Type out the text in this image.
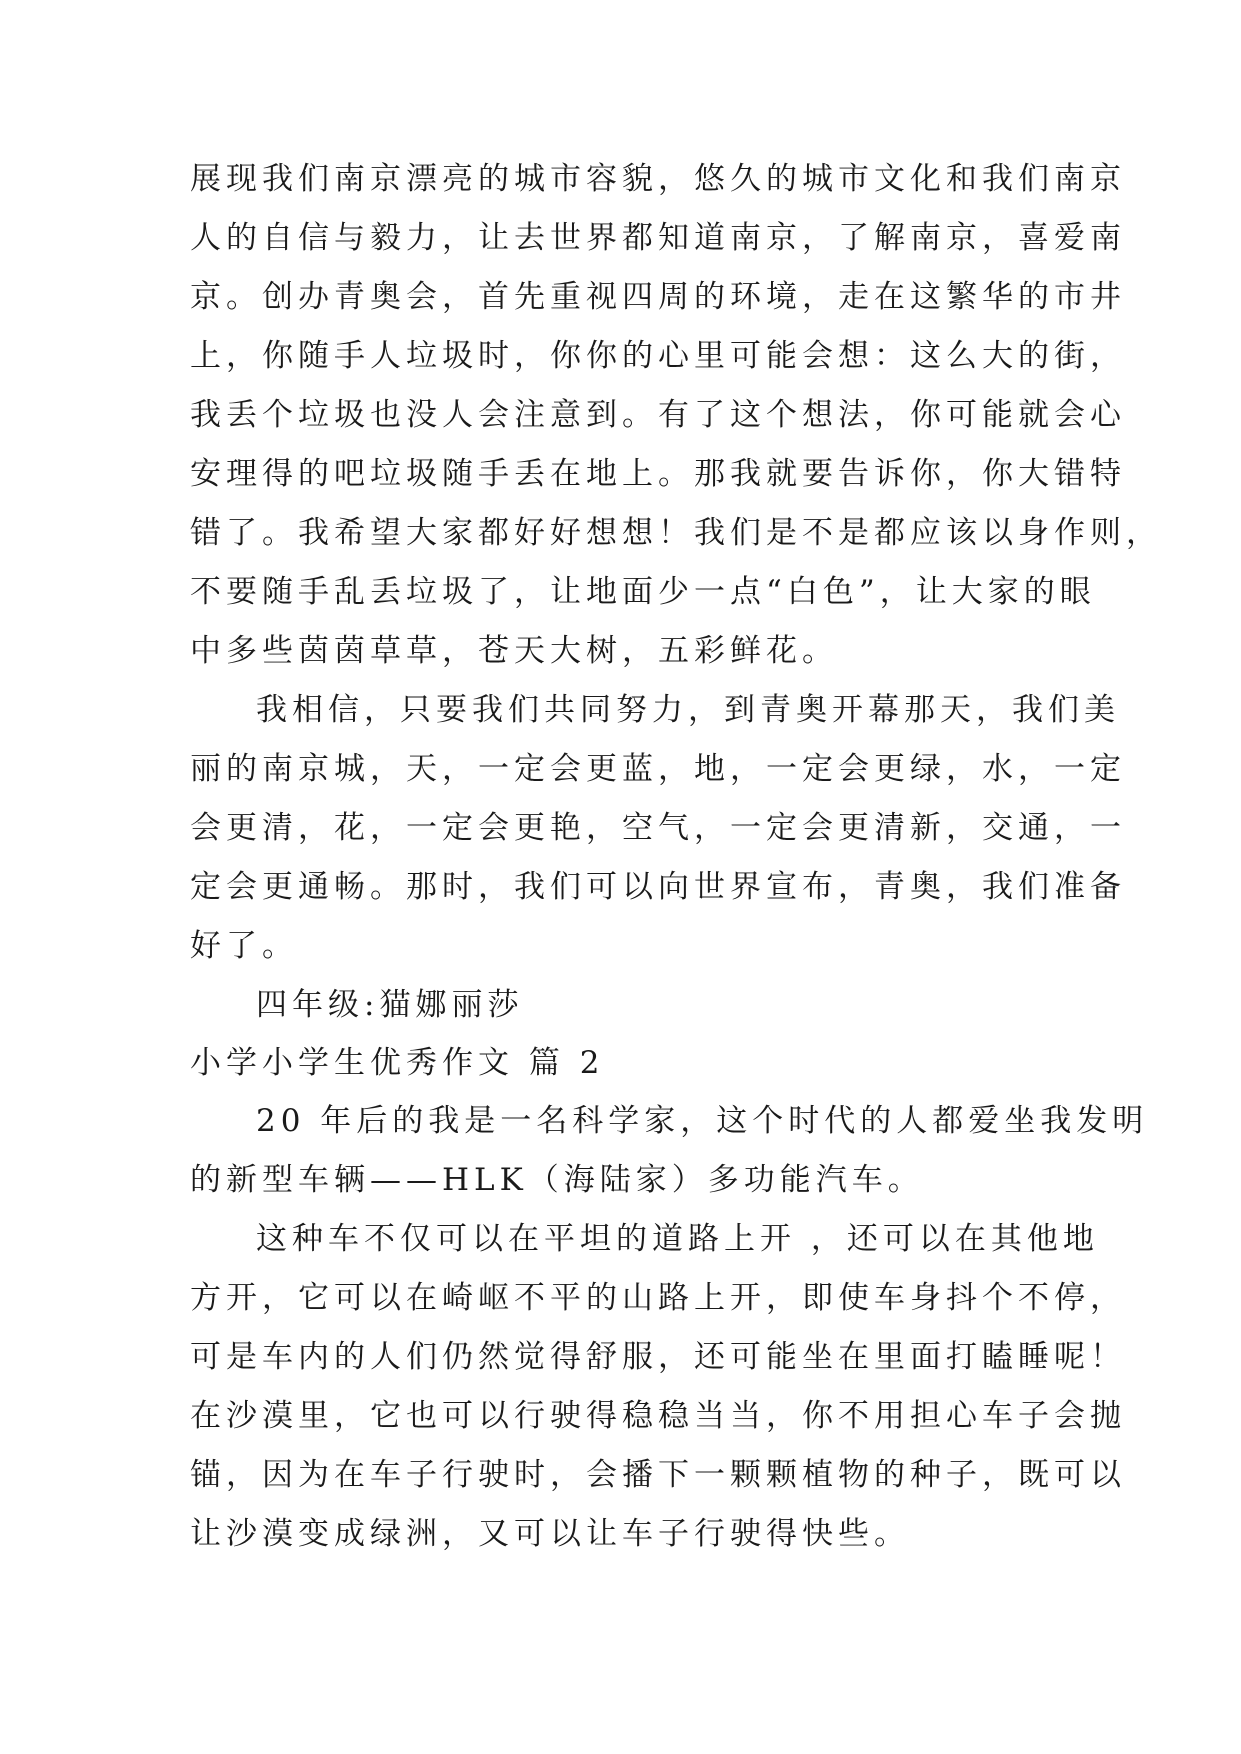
展现我们南京漂亮的城市容貌，悠久的城市文化和我们南京
人的自信与毅力，让去世界都知道南京，了解南京，喜爱南
京。创办青奥会，首先重视四周的环境，走在这繁华的市井
上，你随手人垃圾时，你你的心里可能会想：这么大的街，
我丢个垃圾也没人会注意到。有了这个想法，你可能就会心
安理得的吧垃圾随手丢在地上。那我就要告诉你，你大错特
错了。我希望大家都好好想想！我们是不是都应该以身作则，
不要随手乱丢垃圾了，让地面少一点“白色”，让大家的眼
中多些茵茵草草，苍天大树，五彩鲜花。
我相信，只要我们共同努力，到青奥开幕那天，我们美
丽的南京城，天，一定会更蓝，地，一定会更绿，水，一定
会更清，花，一定会更艳，空气，一定会更清新，交通，一
定会更通畅。那时，我们可以向世界宣布，青奥，我们准备
好了。
四年级:猫娜丽莎
小学小学生优秀作文 篇 2
20 年后的我是一名科学家，这个时代的人都爱坐我发明
的新型车辆——HLK（海陆家）多功能汽车。
这种车不仅可以在平坦的道路上开 ，还可以在其他地
方开，它可以在崎岖不平的山路上开，即使车身抖个不停，
可是车内的人们仍然觉得舒服，还可能坐在里面打瞌睡呢！
在沙漠里，它也可以行驶得稳稳当当，你不用担心车子会抛
锚，因为在车子行驶时，会播下一颗颗植物的种子，既可以
让沙漠变成绿洲，又可以让车子行驶得快些。
